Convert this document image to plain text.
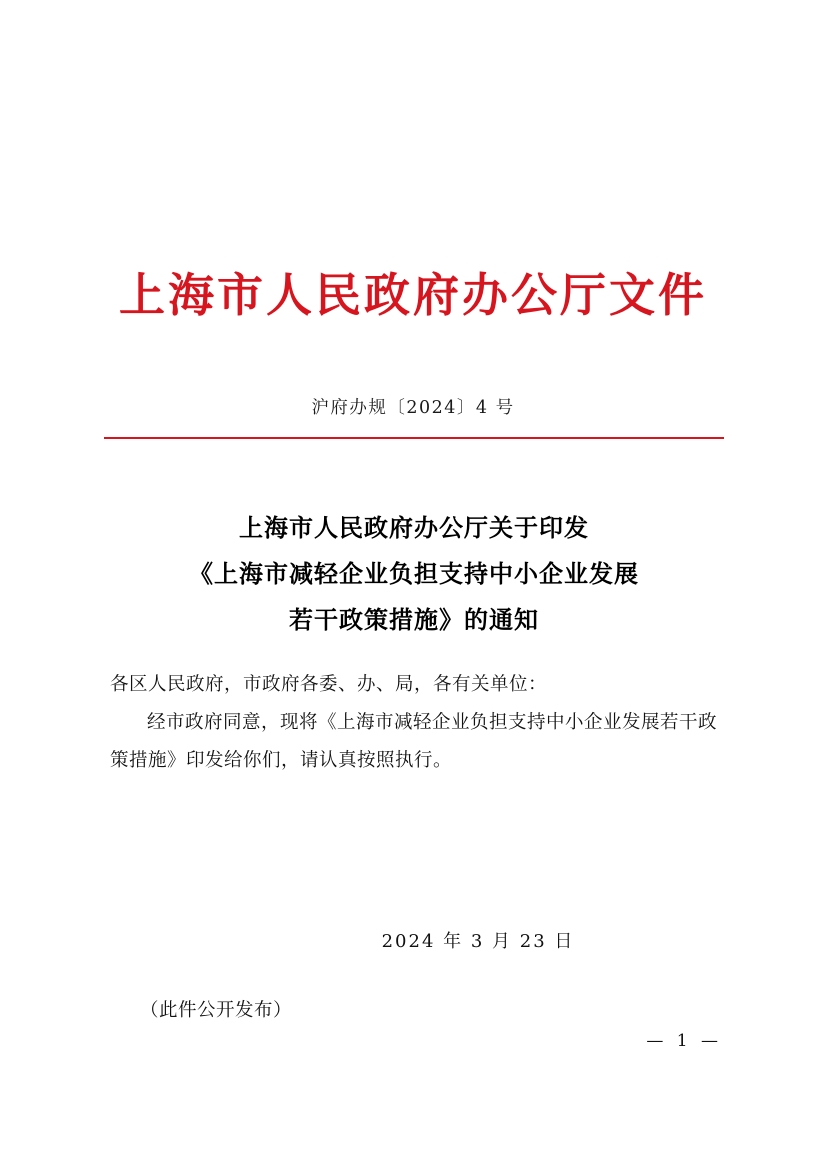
上海市人民政府办公厅文件
沪府办规〔2024〕4 号
上海市人民政府办公厅关于印发
《上海市减轻企业负担支持中小企业发展
若干政策措施》的通知

各区人民政府，市政府各委、办、局，各有关单位：

经市政府同意，现将《上海市减轻企业负担支持中小企业发展若干政策措施》印发给你们，请认真按照执行。

2024 年 3 月 23 日
（此件公开发布）
— 1 —
